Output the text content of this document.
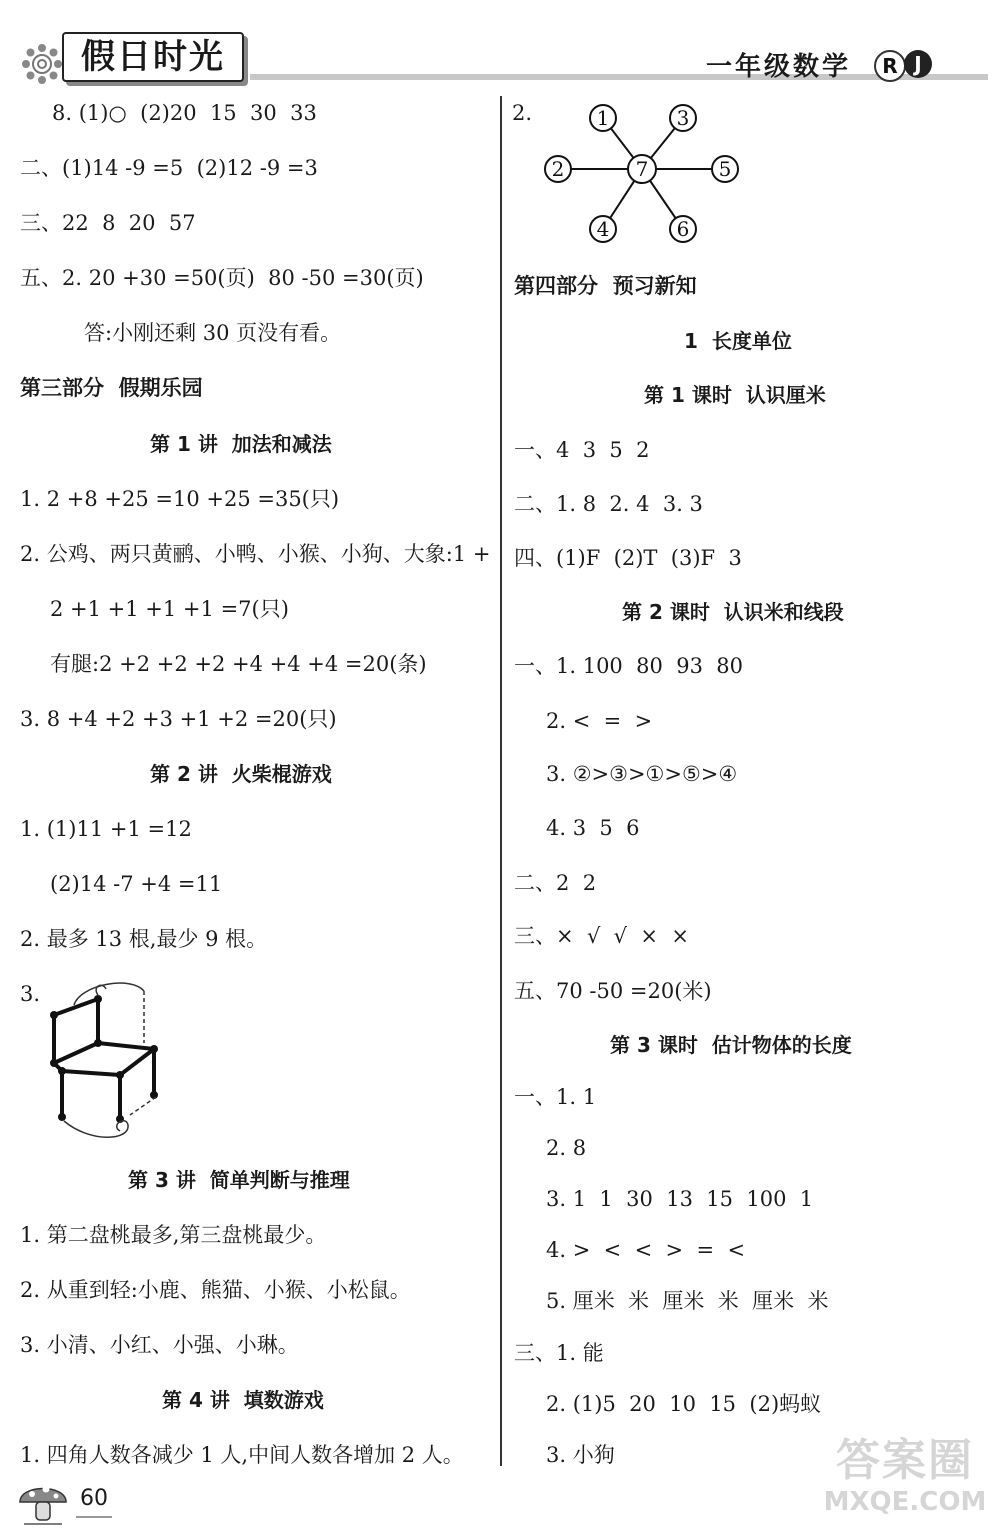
假日时光	一年级数学	R J
8. (1)○  (2)20  15  30  33
二、(1)14 -9 =5  (2)12 -9 =3
三、22  8  20  57
五、2. 20 +30 =50(页)  80 -50 =30(页)
答:小刚还剩 30 页没有看。
第三部分  假期乐园
第 1 讲  加法和减法
1. 2 +8 +25 =10 +25 =35(只)
2. 公鸡、两只黄鹂、小鸭、小猴、小狗、大象:1 +
2 +1 +1 +1 +1 =7(只)
有腿:2 +2 +2 +2 +4 +4 +4 =20(条)
3. 8 +4 +2 +3 +1 +2 =20(只)
第 2 讲  火柴棍游戏
1. (1)11 +1 =12
(2)14 -7 +4 =11
2. 最多 13 根,最少 9 根。
3.
第 3 讲  简单判断与推理
1. 第二盘桃最多,第三盘桃最少。
2. 从重到轻:小鹿、熊猫、小猴、小松鼠。
3. 小清、小红、小强、小琳。
第 4 讲  填数游戏
1. 四角人数各减少 1 人,中间人数各增加 2 人。
2.	1	3
2	7	5
4	6
第四部分  预习新知
1  长度单位
第 1 课时  认识厘米
一、4  3  5  2
二、1. 8  2. 4  3. 3
四、(1)F  (2)T  (3)F  3
第 2 课时  认识米和线段
一、1. 100  80  93  80
2. <  =  >
3. ②>③>①>⑤>④
4. 3  5  6
二、2  2
三、×  √  √  ×  ×
五、70 -50 =20(米)
第 3 课时  估计物体的长度
一、1. 1
2. 8
3. 1  1  30  13  15  100  1
4. >  <  <  >  =  <
5. 厘米  米  厘米  米  厘米  米
三、1. 能
2. (1)5  20  10  15  (2)蚂蚁
3. 小狗
60
答案圈
MXQE.COM
